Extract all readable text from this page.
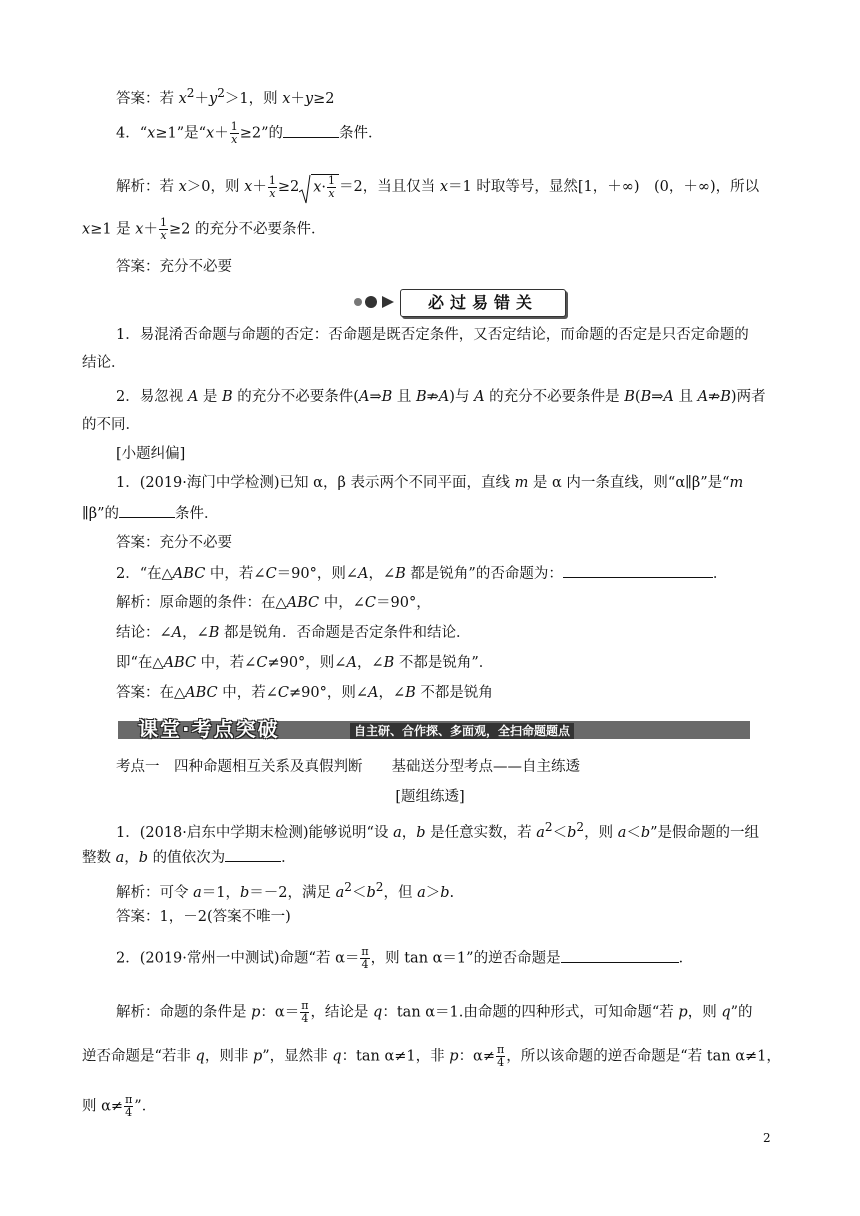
答案：若 $x^2+y^2>1$，则 x＋y≥2
4．“x≥1”是“$x+ \frac{1}{x} \ge 2$”的	条件．
解析：若 x＞0，则 $x+ \frac{1}{x} \ge 2$ $x\cdot \frac{1}{x} =2$，当且仅当 x＝1 时取等号，显然[1，＋∞)　(0，＋∞)，所以
x≥1 是 $x+ \frac{1}{x} \ge 2$ 的充分不必要条件．
答案：充分不必要
必过易错关
1．易混淆否命题与命题的否定：否命题是既否定条件，又否定结论，而命题的否定是只否定命题的
结论．
2．易忽视 A 是 B 的充分不必要条件(A⇒B 且 B⇏A)与 A 的充分不必要条件是 B(B⇒A 且 A⇏B)两者
的不同．
[小题纠偏]
1．(2019·海门中学检测)已知 α，β 表示两个不同平面，直线 m 是 α 内一条直线，则“α∥β”是“m
∥β”的	条件．
答案：充分不必要
2．“在△ABC 中，若∠C＝90°，则∠A，∠B 都是锐角”的否命题为：	．
解析：原命题的条件：在△ABC 中，∠C＝90°，
结论：∠A，∠B 都是锐角．否命题是否定条件和结论．
即“在△ABC 中，若∠C≠90°，则∠A，∠B 不都是锐角”．
答案：在△ABC 中，若∠C≠90°，则∠A，∠B 不都是锐角
课堂·考点突破	自主研、合作探、多面观，全扫命题题点
考点一　四种命题相互关系及真假判断　　基础送分型考点——自主练透
[题组练透]
1．(2018·启东中学期末检测)能够说明“设 a，b 是任意实数，若 $a^2<b^2$，则 a＜b”是假命题的一组
整数 a，b 的值依次为	．
解析：可令 a＝1，b＝－2，满足 $a^2<b^2$，但 a＞b.
答案：1，－2(答案不唯一)
2．(2019·常州一中测试)命题“若 $\alpha= \frac{\pi}{4}$ ，则 tan α＝1”的逆否命题是	．
解析：命题的条件是 p：$\alpha= \frac{\pi}{4}$ ，结论是 q：tan α＝1.由命题的四种形式，可知命题“若 p，则 q”的
逆否命题是“若非 q，则非 p”，显然非 q：tan α≠1，非 p：$\alpha\ne \frac{\pi}{4}$ ，所以该命题的逆否命题是“若 tan α≠1，
则 $\alpha\ne \frac{\pi}{4}$ ”．
2
